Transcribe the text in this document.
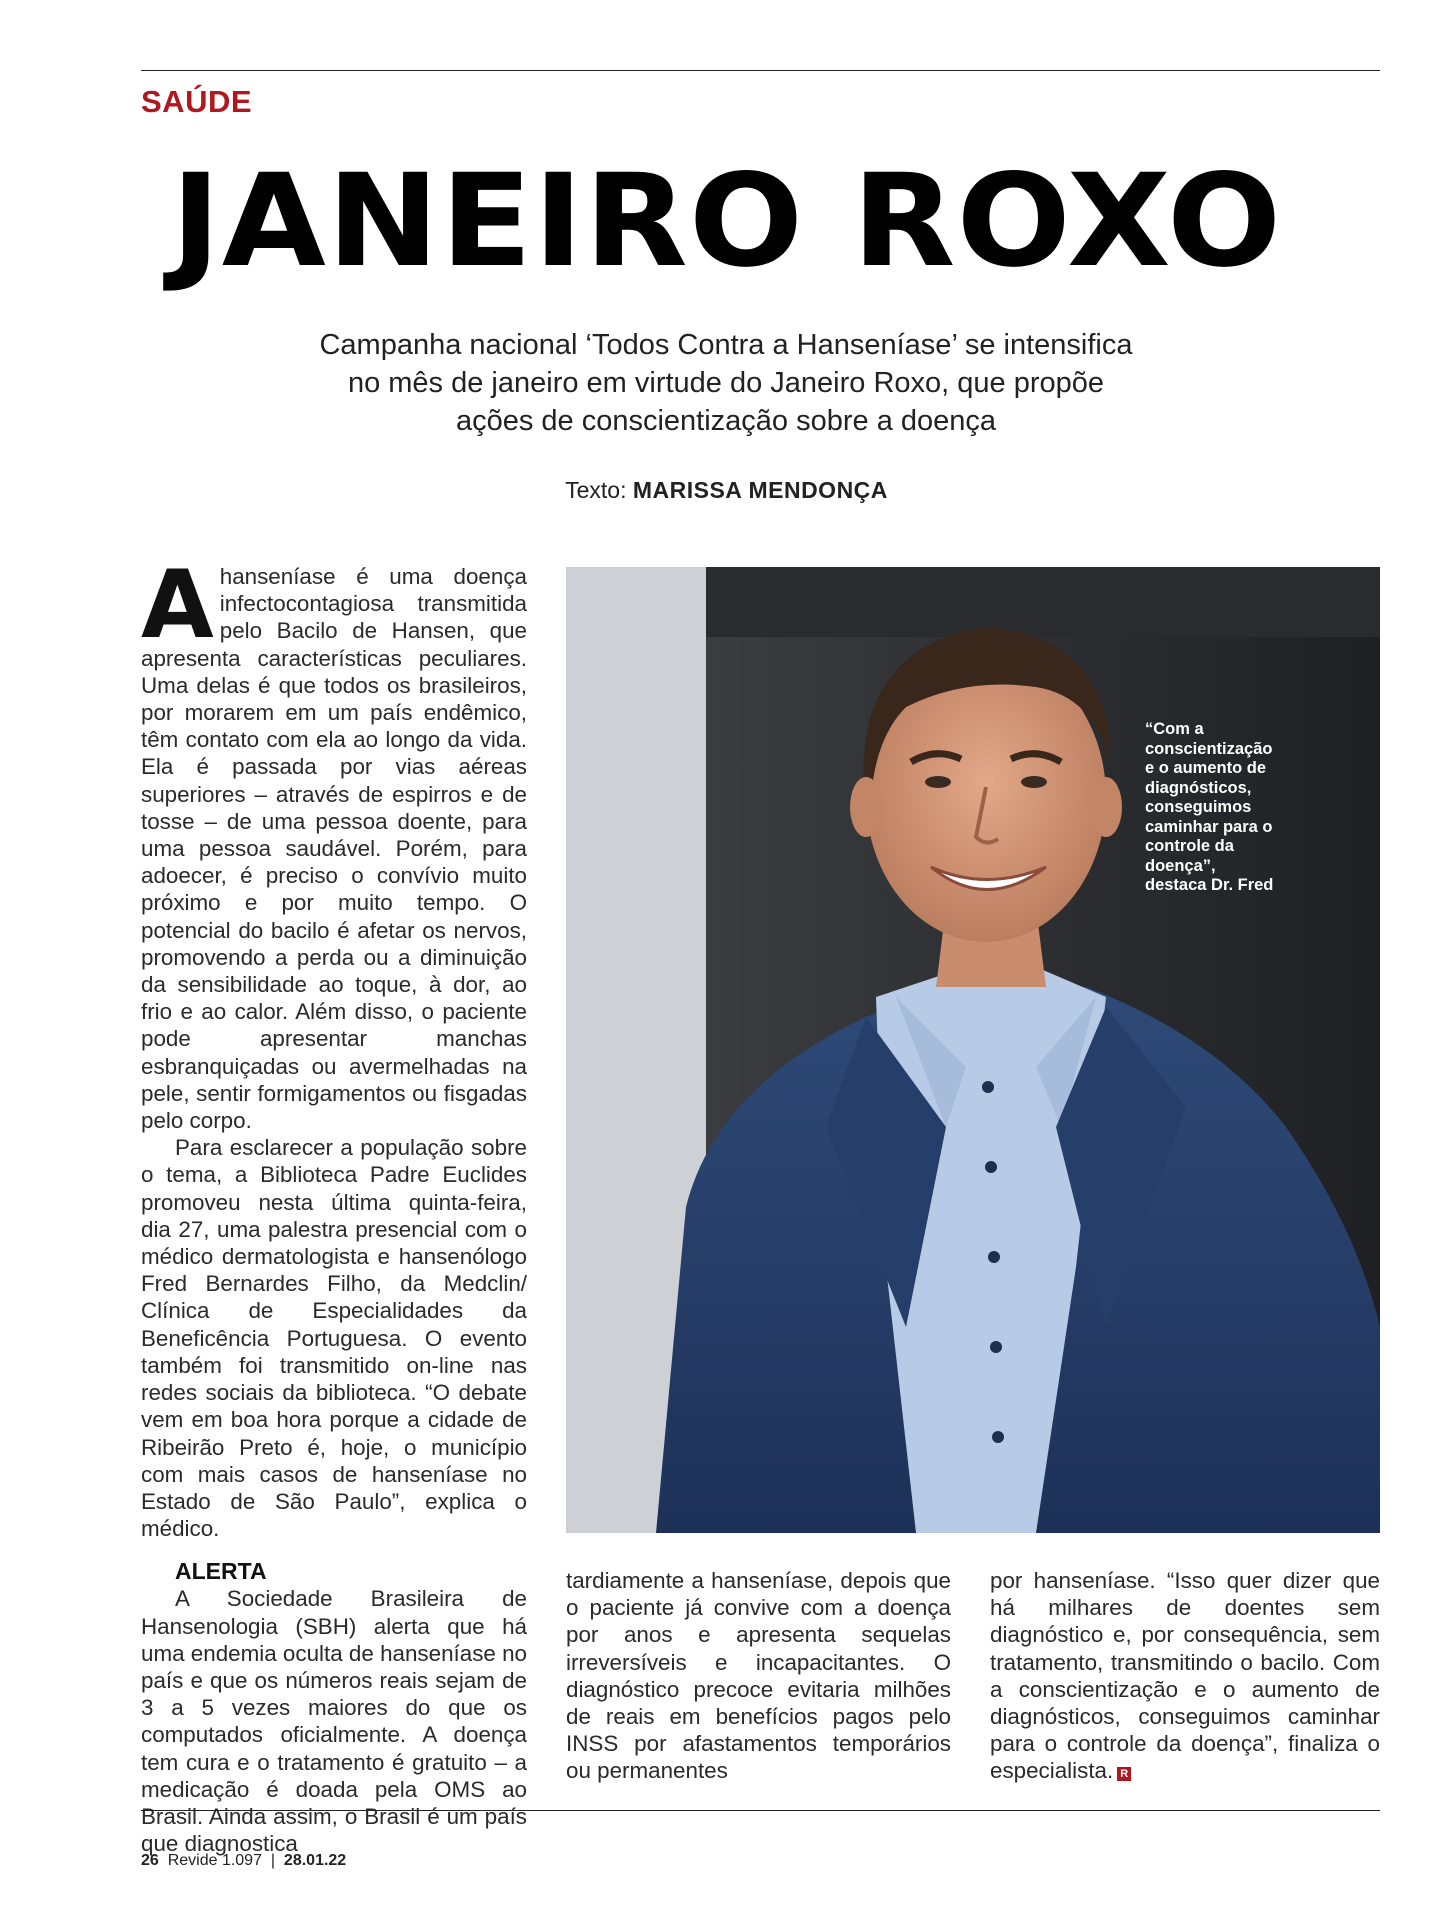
SAÚDE
JANEIRO ROXO
Campanha nacional ‘Todos Contra a Hanseníase’ se intensifica
no mês de janeiro em virtude do Janeiro Roxo, que propõe
ações de conscientização sobre a doença
Texto: MARISSA MENDONÇA

Ahanseníase é uma doença infectocontagiosa transmitida pelo Bacilo de Hansen, que apresenta características peculiares. Uma delas é que todos os brasileiros, por morarem em um país endêmico, têm contato com ela ao longo da vida. Ela é passada por vias aéreas superiores – através de espirros e de tosse – de uma pessoa doente, para uma pessoa saudável. Porém, para adoecer, é preciso o convívio muito próximo e por muito tempo. O potencial do bacilo é afetar os nervos, promovendo a perda ou a diminuição da sensibilidade ao toque, à dor, ao frio e ao calor. Além disso, o paciente pode apresentar manchas esbranquiçadas ou avermelhadas na pele, sentir formigamentos ou fisgadas pelo corpo.

Para esclarecer a população sobre o tema, a Biblioteca Padre Euclides promoveu nesta última quinta-feira, dia 27, uma palestra presencial com o médico dermatologista e hansenólogo Fred Bernardes Filho, da Medclin/ Clínica de Especialidades da Beneficência Portuguesa. O evento também foi transmitido on-line nas redes sociais da biblioteca. “O debate vem em boa hora porque a cidade de Ribeirão Preto é, hoje, o município com mais casos de hanseníase no Estado de São Paulo”, explica o médico.

ALERTA

A Sociedade Brasileira de Hansenologia (SBH) alerta que há uma endemia oculta de hanseníase no país e que os números reais sejam de 3 a 5 vezes maiores do que os computados oficialmente. A doença tem cura e o tratamento é gratuito – a medicação é doada pela OMS ao Brasil. Ainda assim, o Brasil é um país que diagnostica

“Com a
conscientização
e o aumento de
diagnósticos,
conseguimos
caminhar para o
controle da doença”,
destaca Dr. Fred

tardiamente a hanseníase, depois que o paciente já convive com a doença por anos e apresenta sequelas irreversíveis e incapacitantes. O diagnóstico precoce evitaria milhões de reais em benefícios pagos pelo INSS por afastamentos temporários ou permanentes

por hanseníase. “Isso quer dizer que há milhares de doentes sem diagnóstico e, por consequência, sem tratamento, transmitindo o bacilo. Com a conscientização e o aumento de diagnósticos, conseguimos caminhar para o controle da doença”, finaliza o especialista. R

26 Revide 1.097 | 28.01.22
